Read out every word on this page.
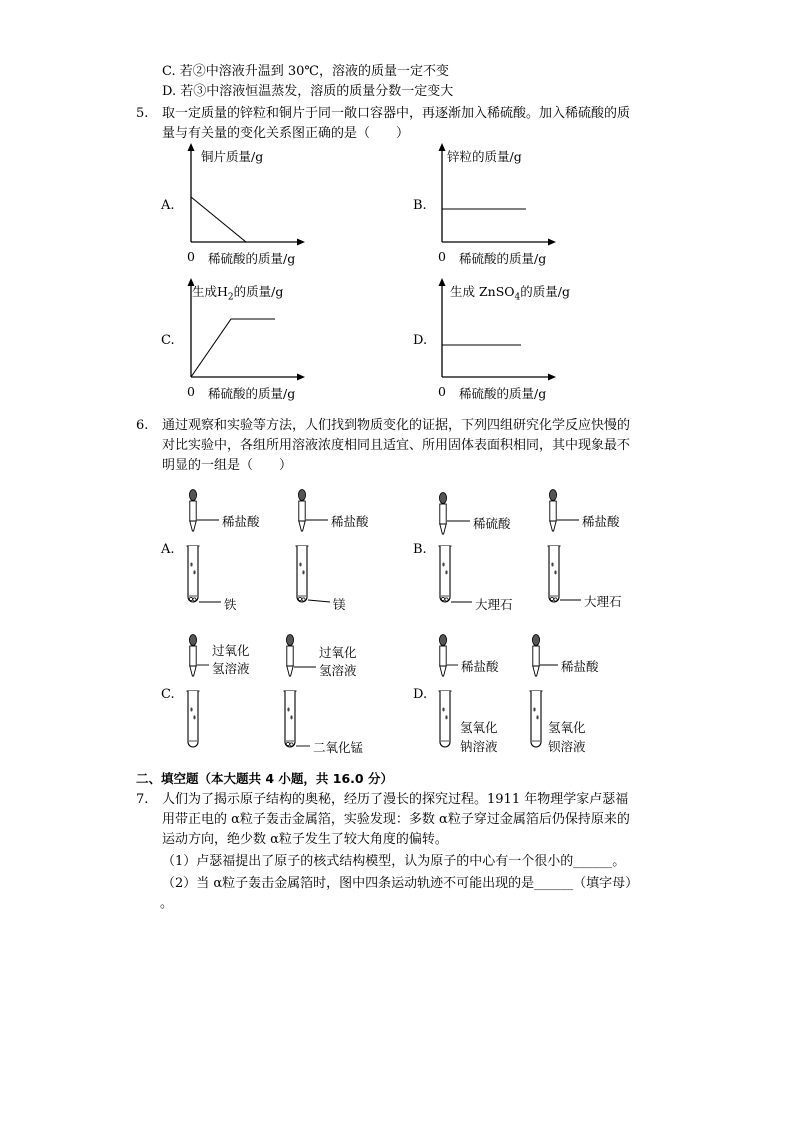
C. 若②中溶液升温到 30℃，溶液的质量一定不变
D. 若③中溶液恒温蒸发，溶质的质量分数一定变大
5. 取一定质量的锌粒和铜片于同一敞口容器中，再逐渐加入稀硫酸。加入稀硫酸的质
量与有关量的变化关系图正确的是（　　）
A.
铜片质量/g
0 稀硫酸的质量/g
B.
锌粒的质量/g
0 稀硫酸的质量/g
C.
生成$H_2$的质量/g
0 稀硫酸的质量/g
D.
生成 ZnSO$_4$的质量/g
0 稀硫酸的质量/g
6. 通过观察和实验等方法，人们找到物质变化的证据，下列四组研究化学反应快慢的
对比实验中，各组所用溶液浓度相同且适宜、所用固体表面积相同，其中现象最不
明显的一组是（　　）
A.
稀盐酸
铁
稀盐酸
镁
B.
稀硫酸
大理石
稀盐酸
大理石
C.
过氧化
氢溶液
过氧化
氢溶液
二氧化锰
D.
稀盐酸
氢氧化
钠溶液
稀盐酸
氢氧化
钡溶液
二、填空题（本大题共 4 小题，共 16.0 分）
7. 人们为了揭示原子结构的奥秘，经历了漫长的探究过程。1911 年物理学家卢瑟福
用带正电的 α粒子轰击金属箔，实验发现：多数 α粒子穿过金属箔后仍保持原来的
运动方向，绝少数 α粒子发生了较大角度的偏转。
（1）卢瑟福提出了原子的核式结构模型，认为原子的中心有一个很小的______。
（2）当 α粒子轰击金属箔时，图中四条运动轨迹不可能出现的是______（填字母）
。
